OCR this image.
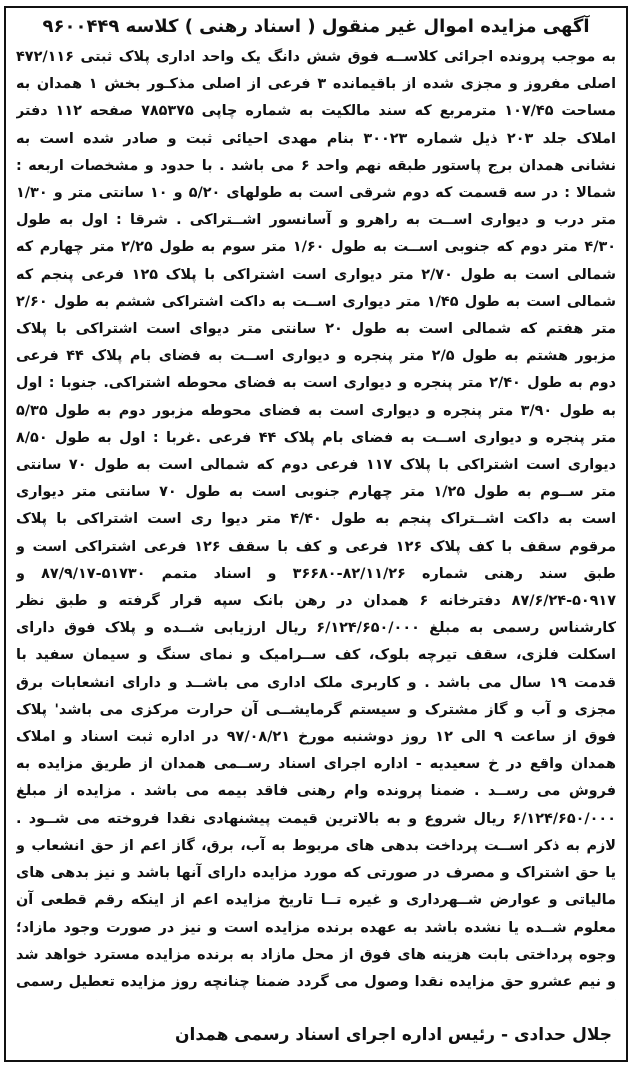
آگهی مزایده اموال غیر منقول ( اسناد رهنی ) کلاسه ۹۶۰۰۴۴۹
به موجب پرونده اجرائی کلاســه فوق شش دانگ یک واحد اداری پلاک ثبتی ۴۷۲/۱۱۶ اصلی مفروز و مجزی شده از باقیمانده ۳ فرعی از اصلی مذکـور بخش ۱ همدان به مساحت ۱۰۷/۴۵ مترمربع که سند مالکیت به شماره چاپی ۷۸۵۳۷۵ صفحه ۱۱۲ دفتر املاک جلد ۲۰۳ ذیل شماره ۳۰۰۲۳ بنام مهدی احیائی ثبت و صادر شده است به نشانی همدان برج پاستور طبقه نهم واحد ۶ می باشد . با حدود و مشخصات اربعه : شمالا : در سه قسمت که دوم شرقی است به طولهای ۵/۲۰ و ۱۰ سانتی متر و ۱/۳۰ متر درب و دیواری اســت به راهرو و آسانسور اشــتراکی . شرقا : اول به طول ۴/۳۰ متر دوم که جنوبی اســت به طول ۱/۶۰ متر سوم به طول ۲/۲۵ متر چهارم که شمالی است به طول ۲/۷۰ متر دیواری است اشتراکی با پلاک ۱۲۵ فرعی پنجم که شمالی است به طول ۱/۴۵ متر دیواری اســت به داکت اشتراکی ششم به طول ۲/۶۰ متر هفتم که شمالی است به طول ۲۰ سانتی متر دیوای است اشتراکی با پلاک مزبور هشتم به طول ۲/۵ متر پنجره و دیواری اســت به فضای بام پلاک ۴۴ فرعی دوم به طول ۲/۴۰ متر پنجره و دیواری است به فضای محوطه اشتراکی. جنوبا : اول به طول ۳/۹۰ متر پنجره و دیواری است به فضای محوطه مزبور دوم به طول ۵/۳۵ متر پنجره و دیواری اســت به فضای بام پلاک ۴۴ فرعی .غربا : اول به طول ۸/۵۰ دیواری است اشتراکی با پلاک ۱۱۷ فرعی دوم که شمالی است به طول ۷۰ سانتی متر ســوم به طول ۱/۲۵ متر چهارم جنوبی است به طول ۷۰ سانتی متر دیواری است به داکت اشــتراک پنجم به طول ۴/۴۰ متر دیوا ری است اشتراکی با پلاک مرقوم سقف با کف پلاک ۱۲۶ فرعی و کف با سقف ۱۲۶ فرعی اشتراکی است و طبق سند رهنی شماره ۸۲/۱۱/۲۶-۳۶۶۸۰ و اسناد متمم ۵۱۷۳۰-۸۷/۹/۱۷ و ۵۰۹۱۷-۸۷/۶/۲۴ دفترخانه ۶ همدان در رهن بانک سپه قرار گرفته و طبق نظر کارشناس رسمی به مبلغ ۶/۱۲۴/۶۵۰/۰۰۰ ریال ارزیابی شــده و پلاک فوق دارای اسکلت فلزی، سقف تیرچه بلوک، کف ســرامیک و نمای سنگ و سیمان سفید با قدمت ۱۹ سال می باشد . و کاربری ملک اداری می باشــد و دارای انشعابات برق مجزی و آب و گاز مشترک و سیستم گرمایشــی آن حرارت مرکزی می باشد' پلاک فوق از ساعت ۹ الی ۱۲ روز دوشنبه مورخ ۹۷/۰۸/۲۱ در اداره ثبت اسناد و املاک همدان واقع در خ سعیدیه - اداره اجرای اسناد رســمی همدان از طریق مزایده به فروش می رســد . ضمنا پرونده وام رهنی فاقد بیمه می باشد . مزایده از مبلغ ۶/۱۲۴/۶۵۰/۰۰۰ ریال شروع و به بالاترین قیمت پیشنهادی نقدا فروخته می شــود . لازم به ذکر اســت پرداخت بدهی های مربوط به آب، برق، گاز اعم از حق انشعاب و یا حق اشتراک و مصرف در صورتی که مورد مزایده دارای آنها باشد و نیز بدهی های مالیاتی و عوارض شــهرداری و غیره تــا تاریخ مزایده اعم از اینکه رقم قطعی آن معلوم شــده یا نشده باشد به عهده برنده مزایده است و نیز در صورت وجود مازاد؛ وجوه پرداختی بابت هزینه های فوق از محل مازاد به برنده مزایده مسترد خواهد شد و نیم عشرو حق مزایده نقدا وصول می گردد ضمنا چنانچه روز مزایده تعطیل رسمی
جلال حدادی - رئیس اداره اجرای اسناد رسمی همدان
